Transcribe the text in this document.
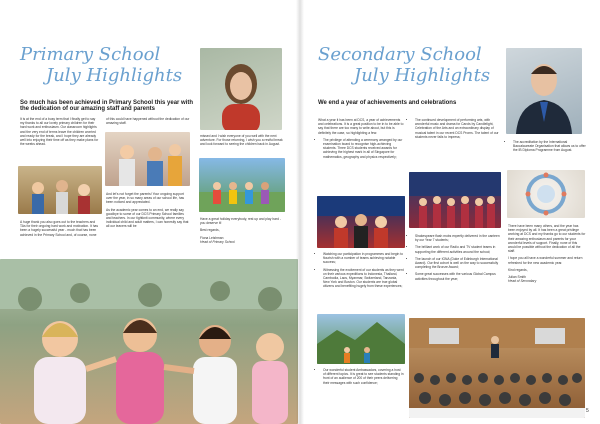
Primary School
July Highlights
So much has been achieved in Primary School this year with the dedication of our amazing staff and parents

It is at the end of a busy term that I finally get to say my thanks to all our lovely primary children for their hard work and enthusiasm. Our classroom highlights and the very end of terms leave the children worried and ready for the break, and I hope they are already well into enjoying their time off as they make plans for the weeks ahead.

A huge thank you also goes out to the teachers and TAs for their ongoing hard work and motivation. It has been a hugely successful year - much that has been achieved in the Primary School and, of course, none
of this could have happened without the dedication of our amazing staff.

And let's not forget the parents! Your ongoing support over the year, in so many areas of our school life, has been noticed and appreciated.

As the academic year comes to an end, we really say goodbye to some of our DCS Primary School families and teachers. In our tightknit community, where every individual child and adult matters, I can honestly say that all our leavers will be

missed and I wish everyone of you well with the next adventure. For those returning, I wish you a restful break and look forward to seeing the children back in August.

Have a great holiday everybody, rest up and play hard - you deserve it!

Best regards,

Fiona Leishman
Head of Primary School
Secondary School
July Highlights
We end a year of achievements and celebrations

What a year it has been at DCS, a year of achievements and celebrations. It is a great position to be in to be able to say that there are too many to write about, but this is definitely the case, so highlighting a few:

• The privilege of attending a ceremony arranged by our examination board to recognise high-achieving students. Three DCS students received awards for achieving the highest mark in all of Singapore for mathematics, geography and physics respectively;
• Watching our participation in programmes and begin to flourish with a number of teams achieving notable success;
• Witnessing the excitement of our students as they went on their various expeditions to Indonesia, Thailand, Cambodia, Laos, Myanmar, Switzerland, Tanzania, New York and Boston. Our students are true global citizens and benefiting hugely from these experiences;
• Our wonderful student Ambassadors, covering a host of different topics. It is great to see students standing in front of an audience of 200 of their peers delivering their messages with such confidence;
• The continued development of performing arts, with wonderful music and drama for Carols by Candlelight, Celebration of the Arts and an extraordinary display of musical talent in our recent DCS Proms. The talent of our students never fails to impress;
• Shakespeare flash mobs expertly delivered in the canteen by our Year 7 students;
• The brilliant work of our Radio and TV student teams in supporting the different activities around the school;
• The launch of our IGNA (Duke of Edinburgh International Award). Our first cohort is well on the way to successfully completing the Bronze Award;
• Some great successes with the various Global Campus activities throughout the year;
• The accreditation by the International Baccalaureate Organisation that allows us to offer the IB Diploma Programme from August.

There have been many others, and the year has been enjoyed by all. It has been a great privilege working at DCS and my thanks go to our students for their amazing enthusiasm and parents for your wonderful levels of support. Finally, none of this would be possible without the dedication of all the staff.

I hope you all have a wonderful summer and return refreshed for the new academic year.

Kind regards,

Julian Smith
Head of Secondary
5
